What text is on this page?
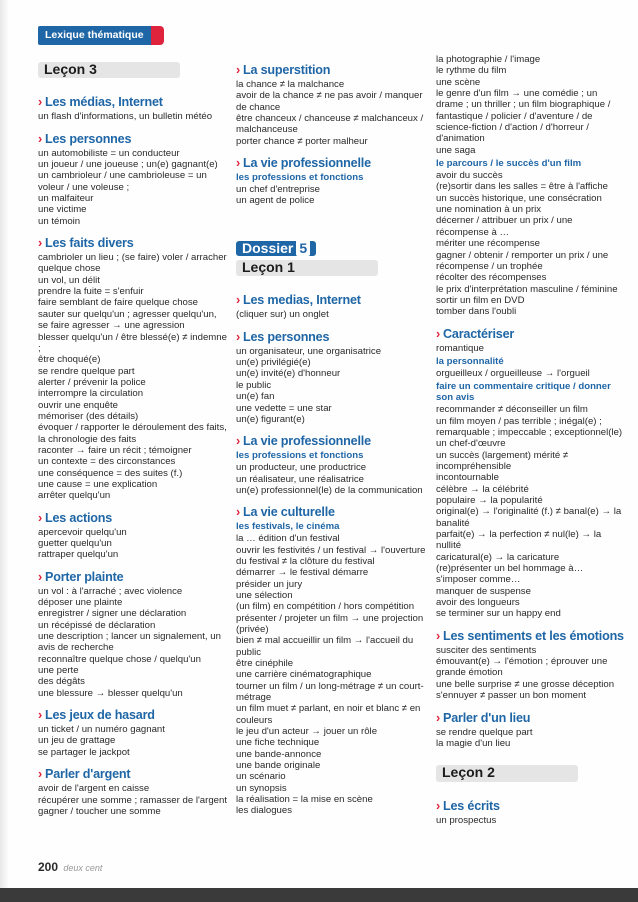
Lexique thématique
Leçon 3
› Les médias, Internet

un flash d'informations, un bulletin météo

› Les personnes

un automobiliste = un conducteur

un joueur / une joueuse ; un(e) gagnant(e)

un cambrioleur / une cambrioleuse = un voleur / une voleuse ;

un malfaiteur

une victime

un témoin

› Les faits divers

cambrioler un lieu ; (se faire) voler / arracher quelque chose

un vol, un délit

prendre la fuite = s'enfuir

faire semblant de faire quelque chose

sauter sur quelqu'un ; agresser quelqu'un,

se faire agresser → une agression

blesser quelqu'un / être blessé(e) ≠ indemne ;

être choqué(e)

se rendre quelque part

alerter / prévenir la police

interrompre la circulation

ouvrir une enquête

mémoriser (des détails)

évoquer / rapporter le déroulement des faits,

la chronologie des faits

raconter → faire un récit ; témoigner

un contexte = des circonstances

une conséquence = des suites (f.)

une cause = une explication

arrêter quelqu'un

› Les actions

apercevoir quelqu'un

guetter quelqu'un

rattraper quelqu'un

› Porter plainte

un vol : à l'arraché ; avec violence

déposer une plainte

enregistrer / signer une déclaration

un récépissé de déclaration

une description ; lancer un signalement, un avis de recherche

reconnaître quelque chose / quelqu'un

une perte

des dégâts

une blessure → blesser quelqu'un

› Les jeux de hasard

un ticket / un numéro gagnant

un jeu de grattage

se partager le jackpot

› Parler d'argent

avoir de l'argent en caisse

récupérer une somme ; ramasser de l'argent

gagner / toucher une somme

› La superstition

la chance ≠ la malchance

avoir de la chance ≠ ne pas avoir / manquer de chance

être chanceux / chanceuse ≠ malchanceux / malchanceuse

porter chance ≠ porter malheur

› La vie professionnelle
les professions et fonctions

un chef d'entreprise

un agent de police

Dossier 5
Leçon 1
› Les medias, Internet

(cliquer sur) un onglet

› Les personnes

un organisateur, une organisatrice

un(e) privilégié(e)

un(e) invité(e) d'honneur

le public

un(e) fan

une vedette = une star

un(e) figurant(e)

› La vie professionnelle
les professions et fonctions

un producteur, une productrice

un réalisateur, une réalisatrice

un(e) professionnel(le) de la communication

› La vie culturelle
les festivals, le cinéma

la … édition d'un festival

ouvrir les festivités / un festival → l'ouverture du festival ≠ la clôture du festival

démarrer → le festival démarre

présider un jury

une sélection

(un film) en compétition / hors compétition

présenter / projeter un film → une projection (privée)

bien ≠ mal accueillir un film → l'accueil du public

être cinéphile

une carrière cinématographique

tourner un film / un long-métrage ≠ un court-métrage

un film muet ≠ parlant, en noir et blanc ≠ en couleurs

le jeu d'un acteur → jouer un rôle

une fiche technique

une bande-annonce

une bande originale

un scénario

un synopsis

la réalisation = la mise en scène

les dialogues

la photographie / l'image

le rythme du film

une scène

le genre d'un film → une comédie ; un drame ; un thriller ; un film biographique / fantastique / policier / d'aventure / de science-fiction / d'action / d'horreur / d'animation

une saga

le parcours / le succès d'un film

avoir du succès

(re)sortir dans les salles = être à l'affiche

un succès historique, une consécration

une nomination à un prix

décerner / attribuer un prix / une récompense à …

mériter une récompense

gagner / obtenir / remporter un prix / une récompense / un trophée

récolter des récompenses

le prix d'interprétation masculine / féminine

sortir un film en DVD

tomber dans l'oubli

› Caractériser

romantique

la personnalité

orgueilleux / orgueilleuse → l'orgueil

faire un commentaire critique / donner son avis

recommander ≠ déconseiller un film

un film moyen / pas terrible ; inégal(e) ;

remarquable ; impeccable ; exceptionnel(le)

un chef-d'œuvre

un succès (largement) mérité ≠ incompréhensible

incontournable

célèbre → la célébrité

populaire → la popularité

original(e) → l'originalité (f.) ≠ banal(e) → la banalité

parfait(e) → la perfection ≠ nul(le) → la nullité

caricatural(e) → la caricature

(re)présenter un bel hommage à…

s'imposer comme…

manquer de suspense

avoir des longueurs

se terminer sur un happy end

› Les sentiments et les émotions

susciter des sentiments

émouvant(e) → l'émotion ; éprouver une grande émotion

une belle surprise ≠ une grosse déception

s'ennuyer ≠ passer un bon moment

› Parler d'un lieu

se rendre quelque part

la magie d'un lieu

Leçon 2
› Les écrits

un prospectus

200 deux cent
